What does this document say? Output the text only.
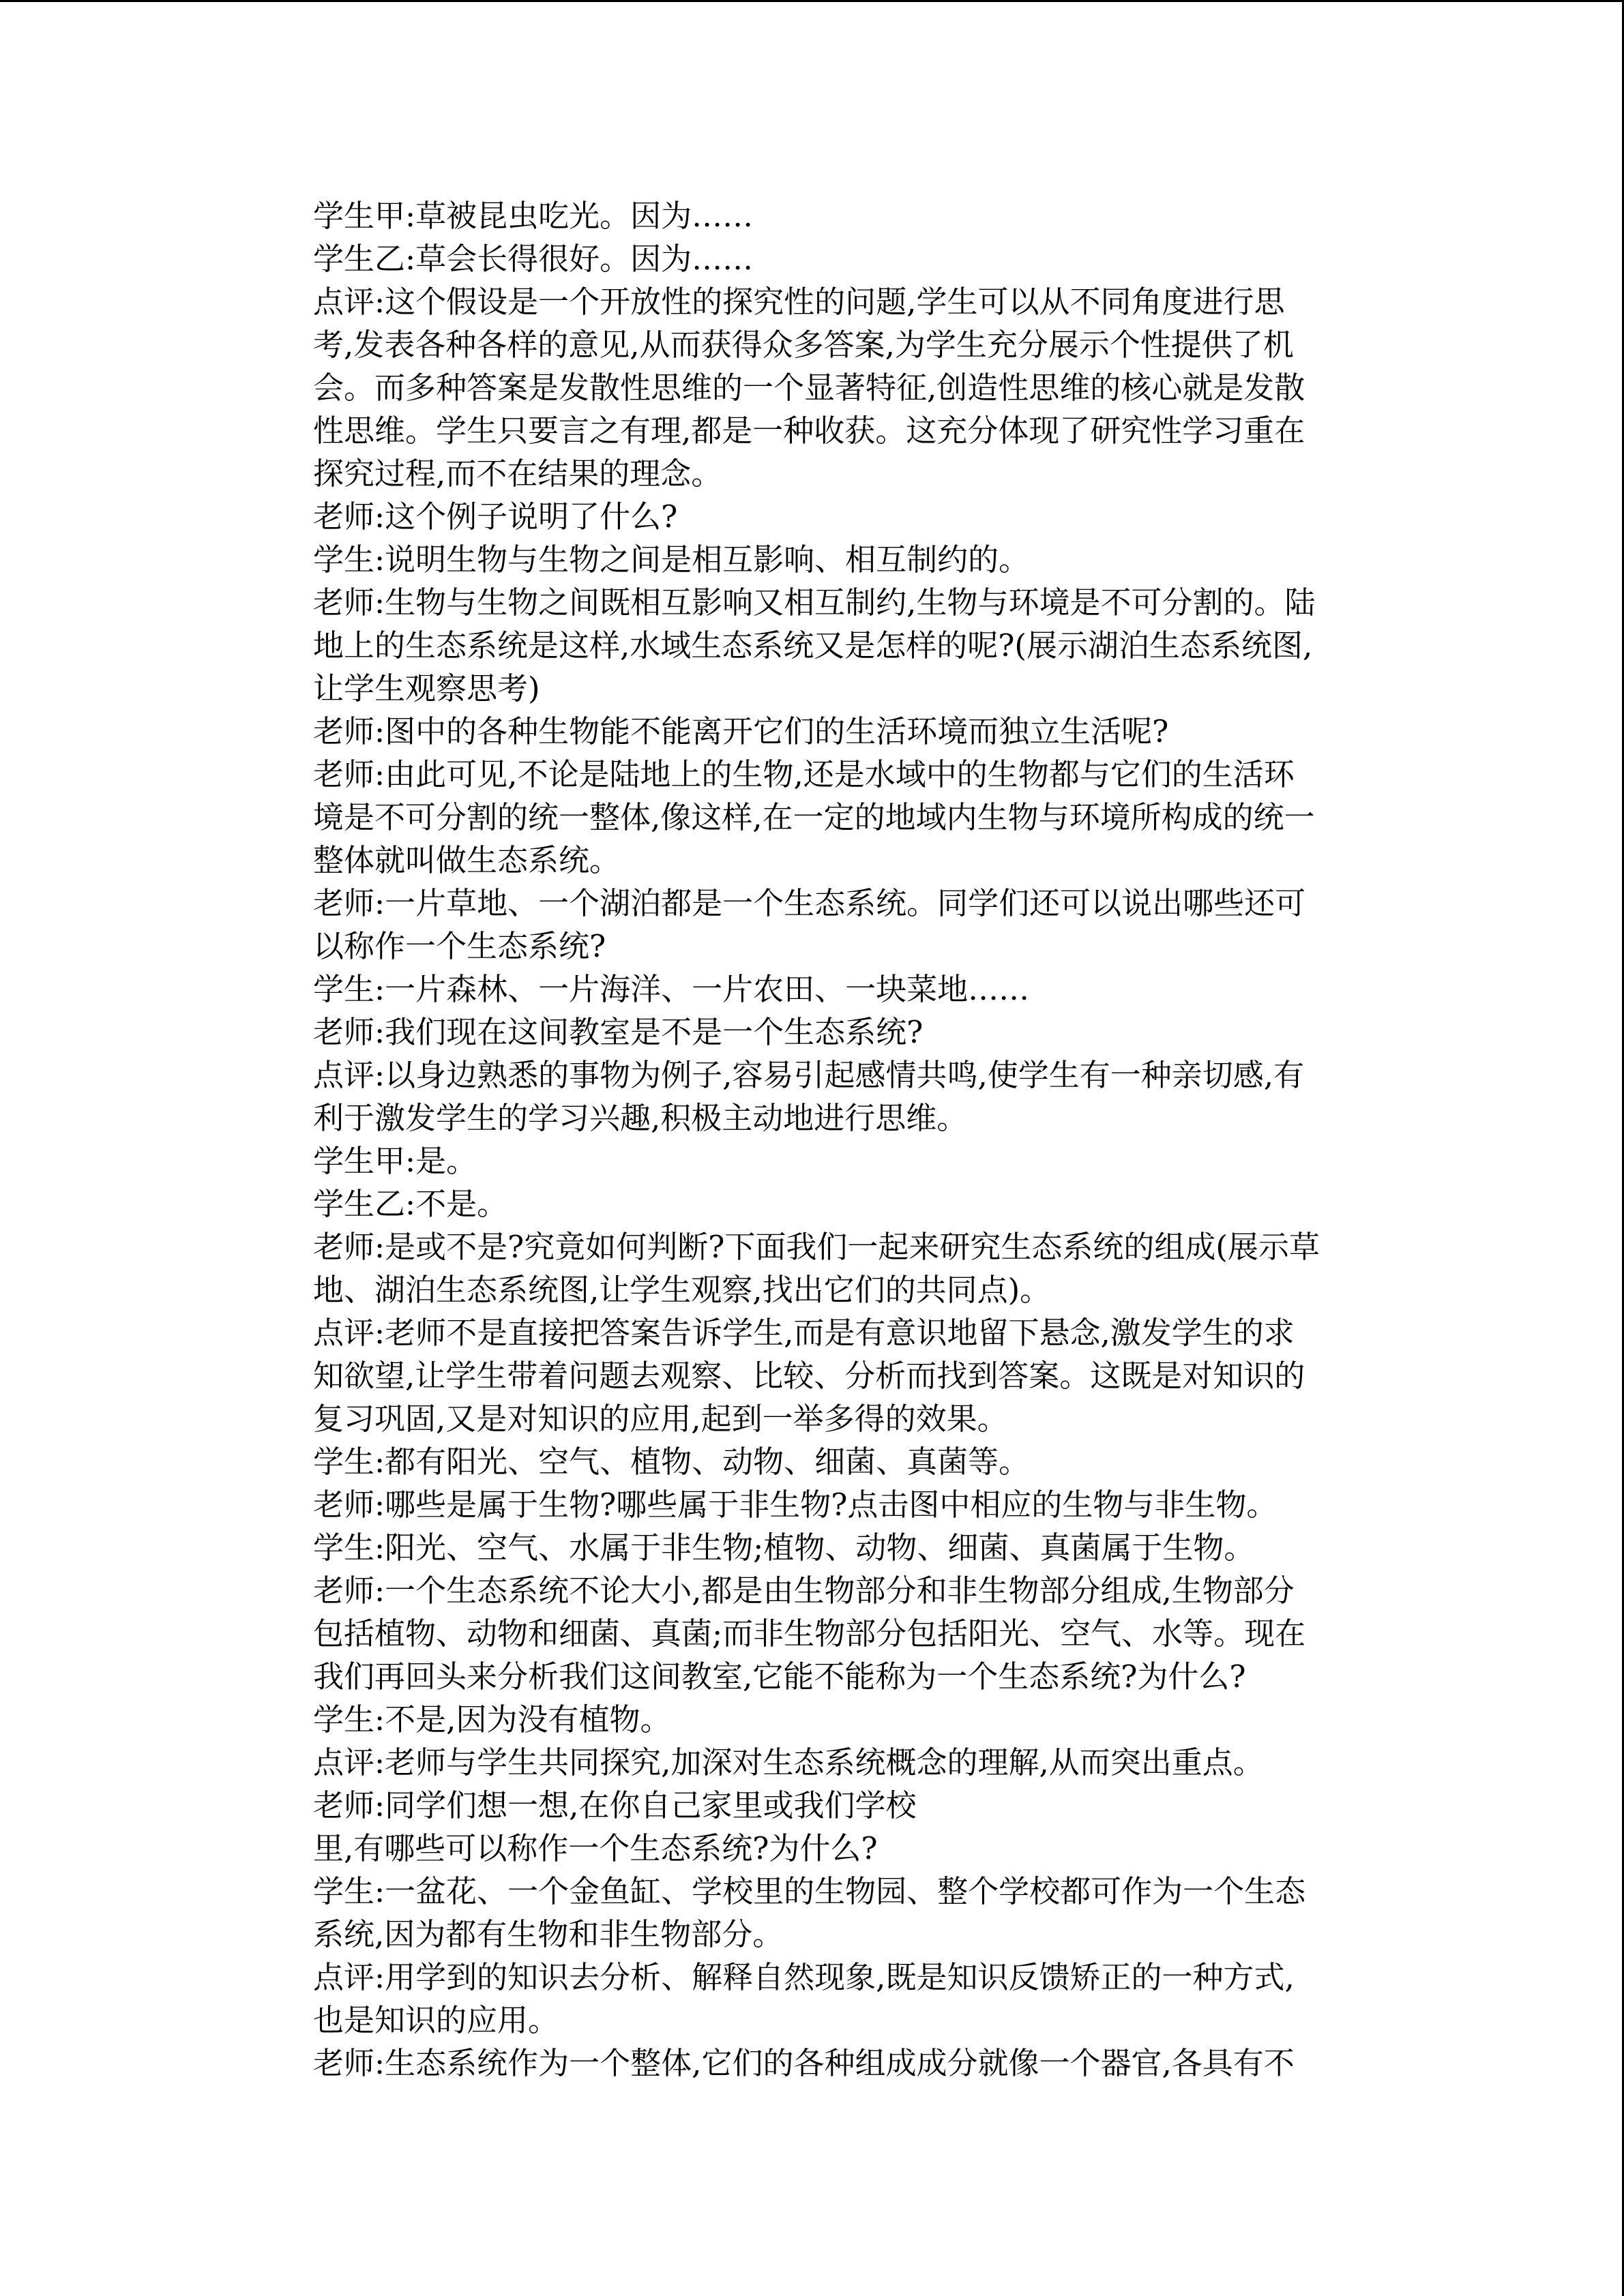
学生甲:草被昆虫吃光。因为……
学生乙:草会长得很好。因为……
点评:这个假设是一个开放性的探究性的问题,学生可以从不同角度进行思
考,发表各种各样的意见,从而获得众多答案,为学生充分展示个性提供了机
会。而多种答案是发散性思维的一个显著特征,创造性思维的核心就是发散
性思维。学生只要言之有理,都是一种收获。这充分体现了研究性学习重在
探究过程,而不在结果的理念。
老师:这个例子说明了什么?
学生:说明生物与生物之间是相互影响、相互制约的。
老师:生物与生物之间既相互影响又相互制约,生物与环境是不可分割的。陆
地上的生态系统是这样,水域生态系统又是怎样的呢?(展示湖泊生态系统图,
让学生观察思考)
老师:图中的各种生物能不能离开它们的生活环境而独立生活呢?
老师:由此可见,不论是陆地上的生物,还是水域中的生物都与它们的生活环
境是不可分割的统一整体,像这样,在一定的地域内生物与环境所构成的统一
整体就叫做生态系统。
老师:一片草地、一个湖泊都是一个生态系统。同学们还可以说出哪些还可
以称作一个生态系统?
学生:一片森林、一片海洋、一片农田、一块菜地……
老师:我们现在这间教室是不是一个生态系统?
点评:以身边熟悉的事物为例子,容易引起感情共鸣,使学生有一种亲切感,有
利于激发学生的学习兴趣,积极主动地进行思维。
学生甲:是。
学生乙:不是。
老师:是或不是?究竟如何判断?下面我们一起来研究生态系统的组成(展示草
地、湖泊生态系统图,让学生观察,找出它们的共同点)。
点评:老师不是直接把答案告诉学生,而是有意识地留下悬念,激发学生的求
知欲望,让学生带着问题去观察、比较、分析而找到答案。这既是对知识的
复习巩固,又是对知识的应用,起到一举多得的效果。
学生:都有阳光、空气、植物、动物、细菌、真菌等。
老师:哪些是属于生物?哪些属于非生物?点击图中相应的生物与非生物。
学生:阳光、空气、水属于非生物;植物、动物、细菌、真菌属于生物。
老师:一个生态系统不论大小,都是由生物部分和非生物部分组成,生物部分
包括植物、动物和细菌、真菌;而非生物部分包括阳光、空气、水等。现在
我们再回头来分析我们这间教室,它能不能称为一个生态系统?为什么?
学生:不是,因为没有植物。
点评:老师与学生共同探究,加深对生态系统概念的理解,从而突出重点。
老师:同学们想一想,在你自己家里或我们学校
里,有哪些可以称作一个生态系统?为什么?
学生:一盆花、一个金鱼缸、学校里的生物园、整个学校都可作为一个生态
系统,因为都有生物和非生物部分。
点评:用学到的知识去分析、解释自然现象,既是知识反馈矫正的一种方式,
也是知识的应用。
老师:生态系统作为一个整体,它们的各种组成成分就像一个器官,各具有不
